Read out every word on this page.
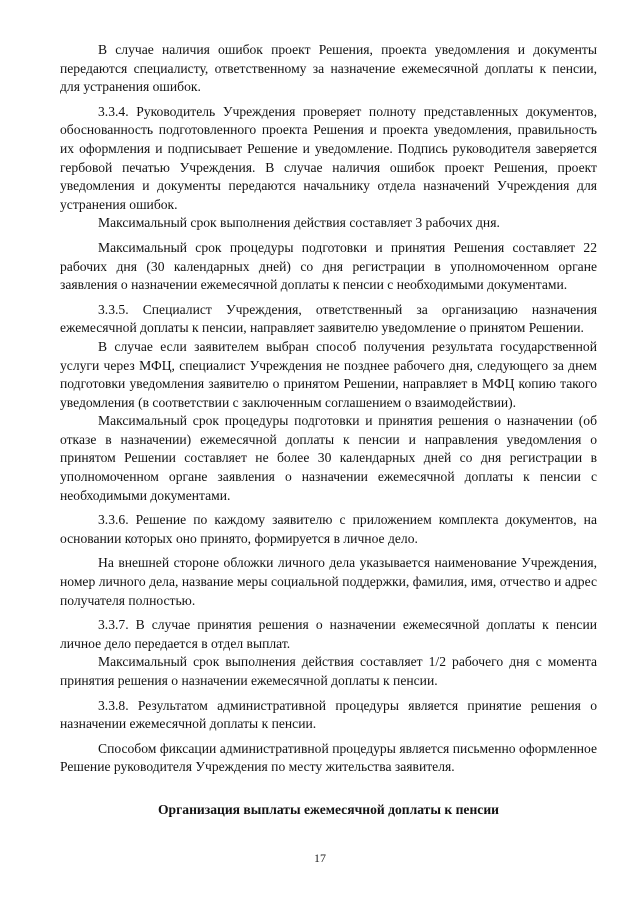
В случае наличия ошибок проект Решения, проекта уведомления и документы передаются специалисту, ответственному за назначение ежемесячной доплаты к пенсии, для устранения ошибок.

3.3.4. Руководитель Учреждения проверяет полноту представленных документов, обоснованность подготовленного проекта Решения и проекта уведомления, правильность их оформления и подписывает Решение и уведомление. Подпись руководителя заверяется гербовой печатью Учреждения. В случае наличия ошибок проект Решения, проект уведомления и документы передаются начальнику отдела назначений Учреждения для устранения ошибок.

Максимальный срок выполнения действия составляет 3 рабочих дня.

Максимальный срок процедуры подготовки и принятия Решения составляет 22 рабочих дня (30 календарных дней) со дня регистрации в уполномоченном органе заявления о назначении ежемесячной доплаты к пенсии с необходимыми документами.

3.3.5. Специалист Учреждения, ответственный за организацию назначения ежемесячной доплаты к пенсии, направляет заявителю уведомление о принятом Решении.

В случае если заявителем выбран способ получения результата государственной услуги через МФЦ, специалист Учреждения не позднее рабочего дня, следующего за днем подготовки уведомления заявителю о принятом Решении, направляет в МФЦ копию такого уведомления (в соответствии с заключенным соглашением о взаимодействии).

Максимальный срок процедуры подготовки и принятия решения о назначении (об отказе в назначении) ежемесячной доплаты к пенсии и направления уведомления о принятом Решении составляет не более 30 календарных дней со дня регистрации в уполномоченном органе заявления о назначении ежемесячной доплаты к пенсии с необходимыми документами.

3.3.6. Решение по каждому заявителю с приложением комплекта документов, на основании которых оно принято, формируется в личное дело.

На внешней стороне обложки личного дела указывается наименование Учреждения, номер личного дела, название меры социальной поддержки, фамилия, имя, отчество и адрес получателя полностью.

3.3.7. В случае принятия решения о назначении ежемесячной доплаты к пенсии личное дело передается в отдел выплат.

Максимальный срок выполнения действия составляет 1/2 рабочего дня с момента принятия решения о назначении ежемесячной доплаты к пенсии.

3.3.8. Результатом административной процедуры является принятие решения о назначении ежемесячной доплаты к пенсии.

Способом фиксации административной процедуры является письменно оформленное Решение руководителя Учреждения по месту жительства заявителя.

Организация выплаты ежемесячной доплаты к пенсии
17
